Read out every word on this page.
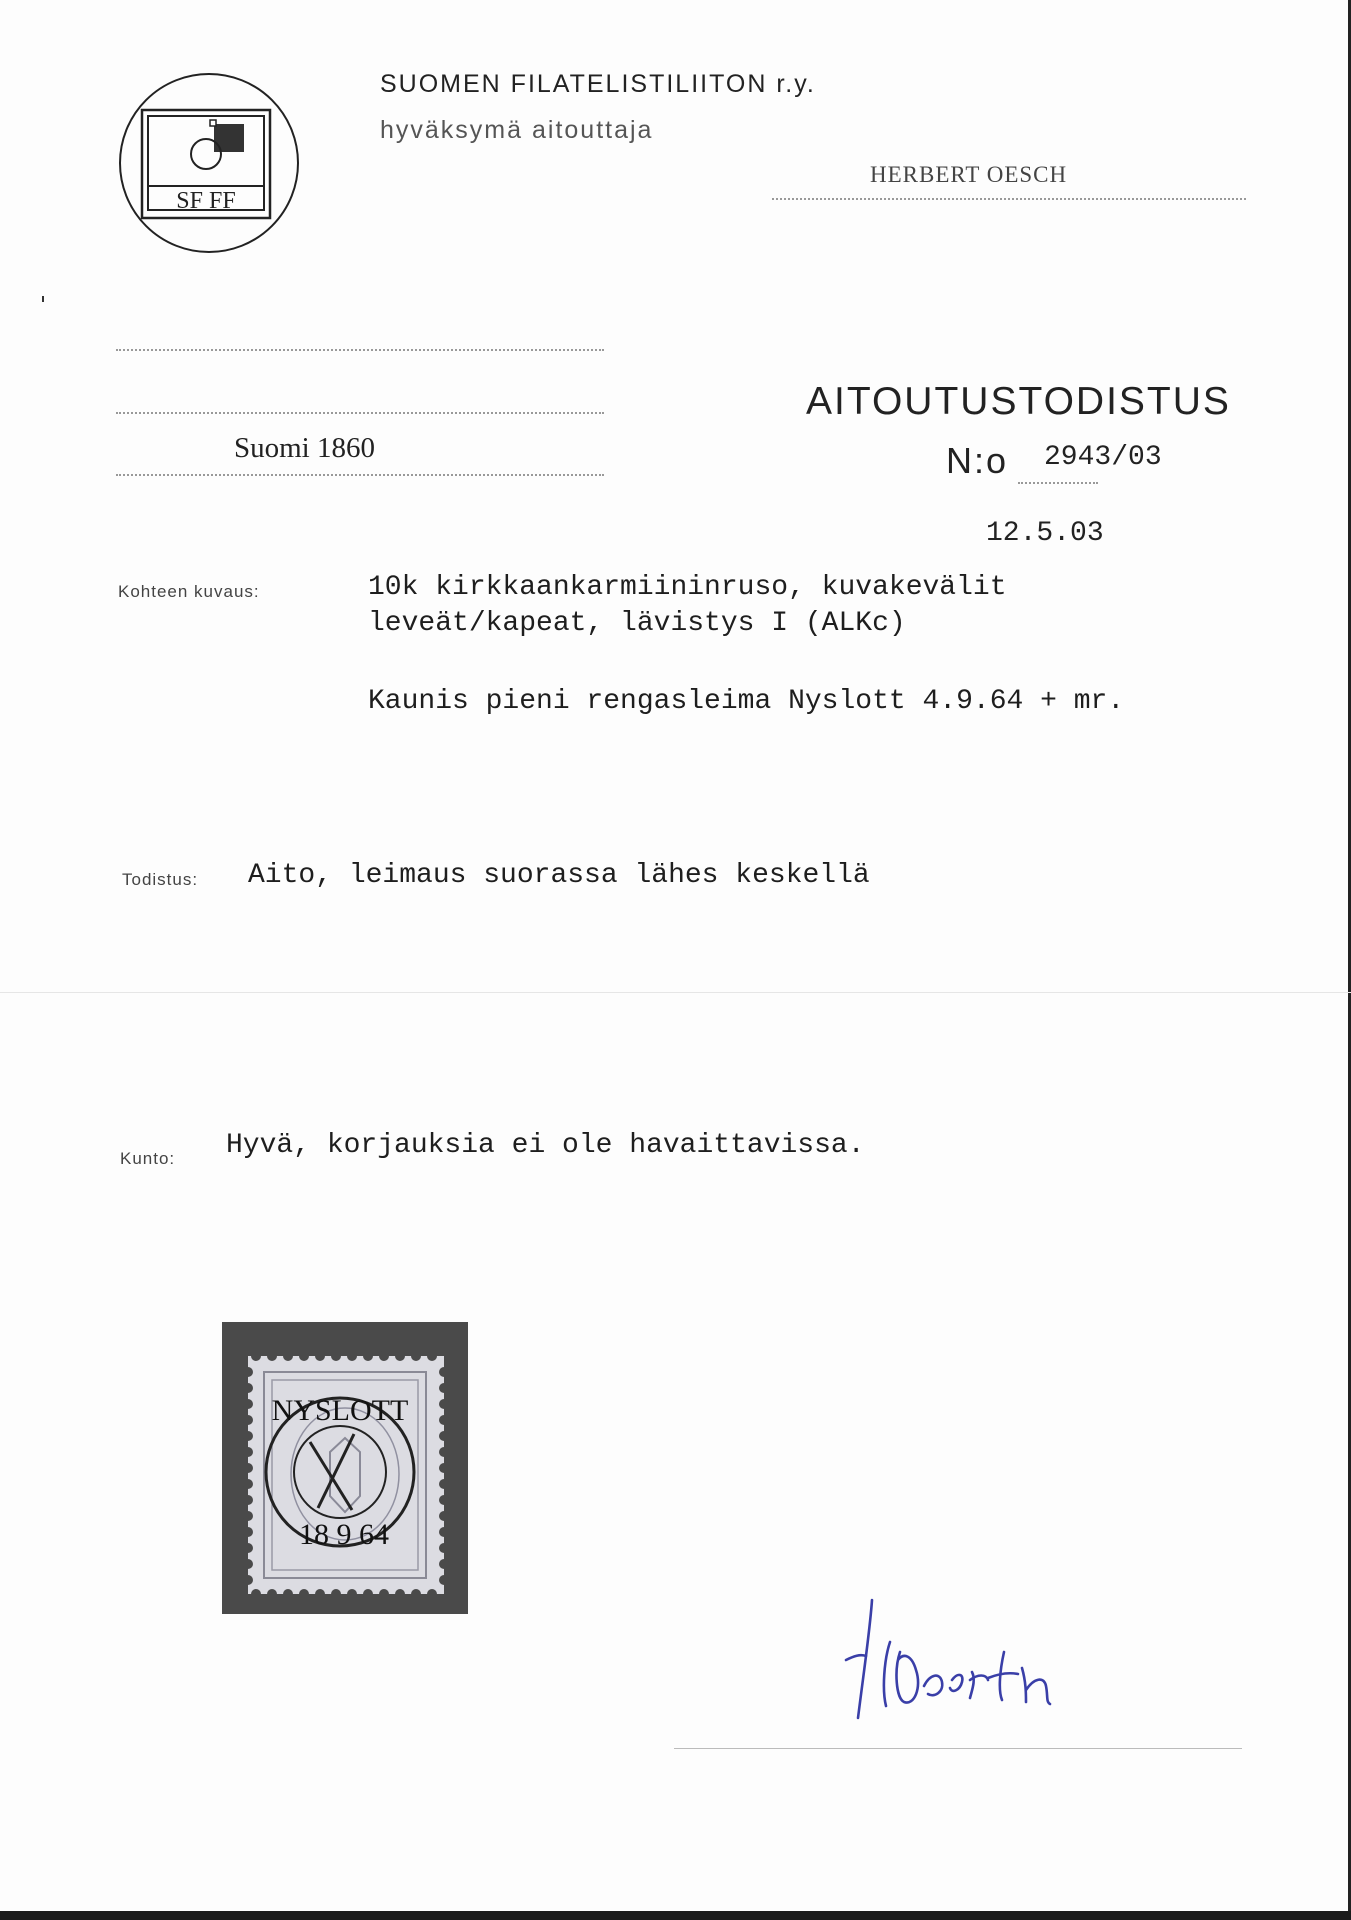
SF FF
SUOMEN FILATELISTILIITON r.y.
hyväksymä aitouttaja
HERBERT OESCH
Suomi 1860
AITOUTUSTODISTUS
N:o 2943/03
12.5.03
Kohteen kuvaus:	10k kirkkaankarmiininruso, kuvakevälit
leveät/kapeat, lävistys I (ALKc)
Kaunis pieni rengasleima Nyslott 4.9.64 + mr.
Todistus: Aito, leimaus suorassa lähes keskellä
Kunto: Hyvä, korjauksia ei ole havaittavissa.
NYSLOTT
18 9 64
